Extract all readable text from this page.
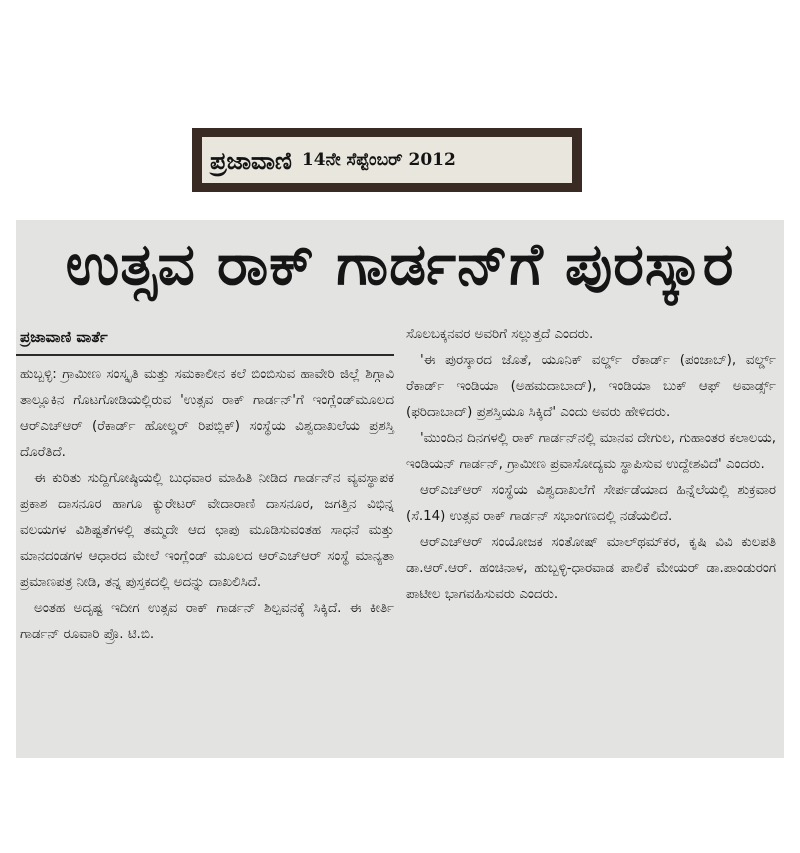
ಪ್ರಜಾವಾಣಿ 14ನೇ ಸೆಪ್ಟೆಂಬರ್ 2012
ಉತ್ಸವ ರಾಕ್ ಗಾರ್ಡನ್‌ಗೆ ಪುರಸ್ಕಾರ
ಪ್ರಜಾವಾಣಿ ವಾರ್ತೆ

ಹುಬ್ಬಳ್ಳಿ: ಗ್ರಾಮೀಣ ಸಂಸ್ಕೃತಿ ಮತ್ತು ಸಮಕಾಲೀನ ಕಲೆ ಬಿಂಬಿಸುವ ಹಾವೇರಿ ಜಿಲ್ಲೆ ಶಿಗ್ಗಾವಿ ತಾಲ್ಲೂಕಿನ ಗೊಟಗೋಡಿಯಲ್ಲಿರುವ 'ಉತ್ಸವ ರಾಕ್ ಗಾರ್ಡನ್'ಗೆ ಇಂಗ್ಲೆಂಡ್‌ಮೂಲದ ಆರ್‌ಎಚ್‌ಆರ್ (ರೆಕಾರ್ಡ್ ಹೋಲ್ಡರ್ ರಿಪಬ್ಲಿಕ್) ಸಂಸ್ಥೆಯ ವಿಶ್ವದಾಖಲೆಯ ಪ್ರಶಸ್ತಿ ದೊರೆತಿದೆ.

ಈ ಕುರಿತು ಸುದ್ದಿಗೋಷ್ಠಿಯಲ್ಲಿ ಬುಧವಾರ ಮಾಹಿತಿ ನೀಡಿದ ಗಾರ್ಡನ್‌ನ ವ್ಯವಸ್ಥಾಪಕ ಪ್ರಕಾಶ ದಾಸನೂರ ಹಾಗೂ ಕ್ಯುರೇಟರ್ ವೇದಾರಾಣಿ ದಾಸನೂರ, ಜಗತ್ತಿನ ವಿಭಿನ್ನ ವಲಯಗಳ ವಿಶಿಷ್ಟತೆಗಳಲ್ಲಿ ತಮ್ಮದೇ ಆದ ಛಾಪು ಮೂಡಿಸುವಂತಹ ಸಾಧನೆ ಮತ್ತು ಮಾನದಂಡಗಳ ಆಧಾರದ ಮೇಲೆ ಇಂಗ್ಲೆಂಡ್ ಮೂಲದ ಆರ್‌ಎಚ್‌ಆರ್ ಸಂಸ್ಥೆ ಮಾನ್ಯತಾ ಪ್ರಮಾಣಪತ್ರ ನೀಡಿ, ತನ್ನ ಪುಸ್ತಕದಲ್ಲಿ ಅದನ್ನು ದಾಖಲಿಸಿದೆ.

ಅಂತಹ ಅದೃಷ್ಟ ಇದೀಗ ಉತ್ಸವ ರಾಕ್ ಗಾರ್ಡನ್ ಶಿಲ್ಪವನಕ್ಕೆ ಸಿಕ್ಕಿದೆ. ಈ ಕೀರ್ತಿ ಗಾರ್ಡನ್ ರೂವಾರಿ ಪ್ರೊ. ಟಿ.ಬಿ.

ಸೊಲಬಕ್ಕನವರ ಅವರಿಗೆ ಸಲ್ಲುತ್ತದೆ ಎಂದರು.

'ಈ ಪುರಸ್ಕಾರದ ಜೊತೆ, ಯೂನಿಕ್ ವರ್ಲ್ಡ್ ರೆಕಾರ್ಡ್ (ಪಂಜಾಬ್), ವರ್ಲ್ಡ್ ರೆಕಾರ್ಡ್ ಇಂಡಿಯಾ (ಅಹಮದಾಬಾದ್), ಇಂಡಿಯಾ ಬುಕ್ ಆಫ್ ಅವಾರ್ಡ್ಸ್ (ಫರಿದಾಬಾದ್) ಪ್ರಶಸ್ತಿಯೂ ಸಿಕ್ಕಿದೆ' ಎಂದು ಅವರು ಹೇಳಿದರು.

'ಮುಂದಿನ ದಿನಗಳಲ್ಲಿ ರಾಕ್ ಗಾರ್ಡನ್‌ನಲ್ಲಿ ಮಾನವ ದೇಗುಲ, ಗುಹಾಂತರ ಕಲಾಲಯ, ಇಂಡಿಯನ್ ಗಾರ್ಡನ್, ಗ್ರಾಮೀಣ ಪ್ರವಾಸೋದ್ಯಮ ಸ್ಥಾಪಿಸುವ ಉದ್ದೇಶವಿದೆ' ಎಂದರು.

ಆರ್‌ಎಚ್‌ಆರ್ ಸಂಸ್ಥೆಯ ವಿಶ್ವದಾಖಲೆಗೆ ಸೇರ್ಪಡೆಯಾದ ಹಿನ್ನೆಲೆಯಲ್ಲಿ ಶುಕ್ರವಾರ (ಸೆ.14) ಉತ್ಸವ ರಾಕ್ ಗಾರ್ಡನ್ ಸಭಾಂಗಣದಲ್ಲಿ ನಡೆಯಲಿದೆ.

ಆರ್‌ಎಚ್‌ಆರ್ ಸಂಯೋಜಕ ಸಂತೋಷ್ ಮಾಲ್‌ಥಮ್‌ಕರ, ಕೃಷಿ ವಿವಿ ಕುಲಪತಿ ಡಾ.ಆರ್.ಆರ್. ಹಂಚಿನಾಳ, ಹುಬ್ಬಳ್ಳಿ-ಧಾರವಾಡ ಪಾಲಿಕೆ ಮೇಯರ್ ಡಾ.ಪಾಂಡುರಂಗ ಪಾಟೀಲ ಭಾಗವಹಿಸುವರು ಎಂದರು.
